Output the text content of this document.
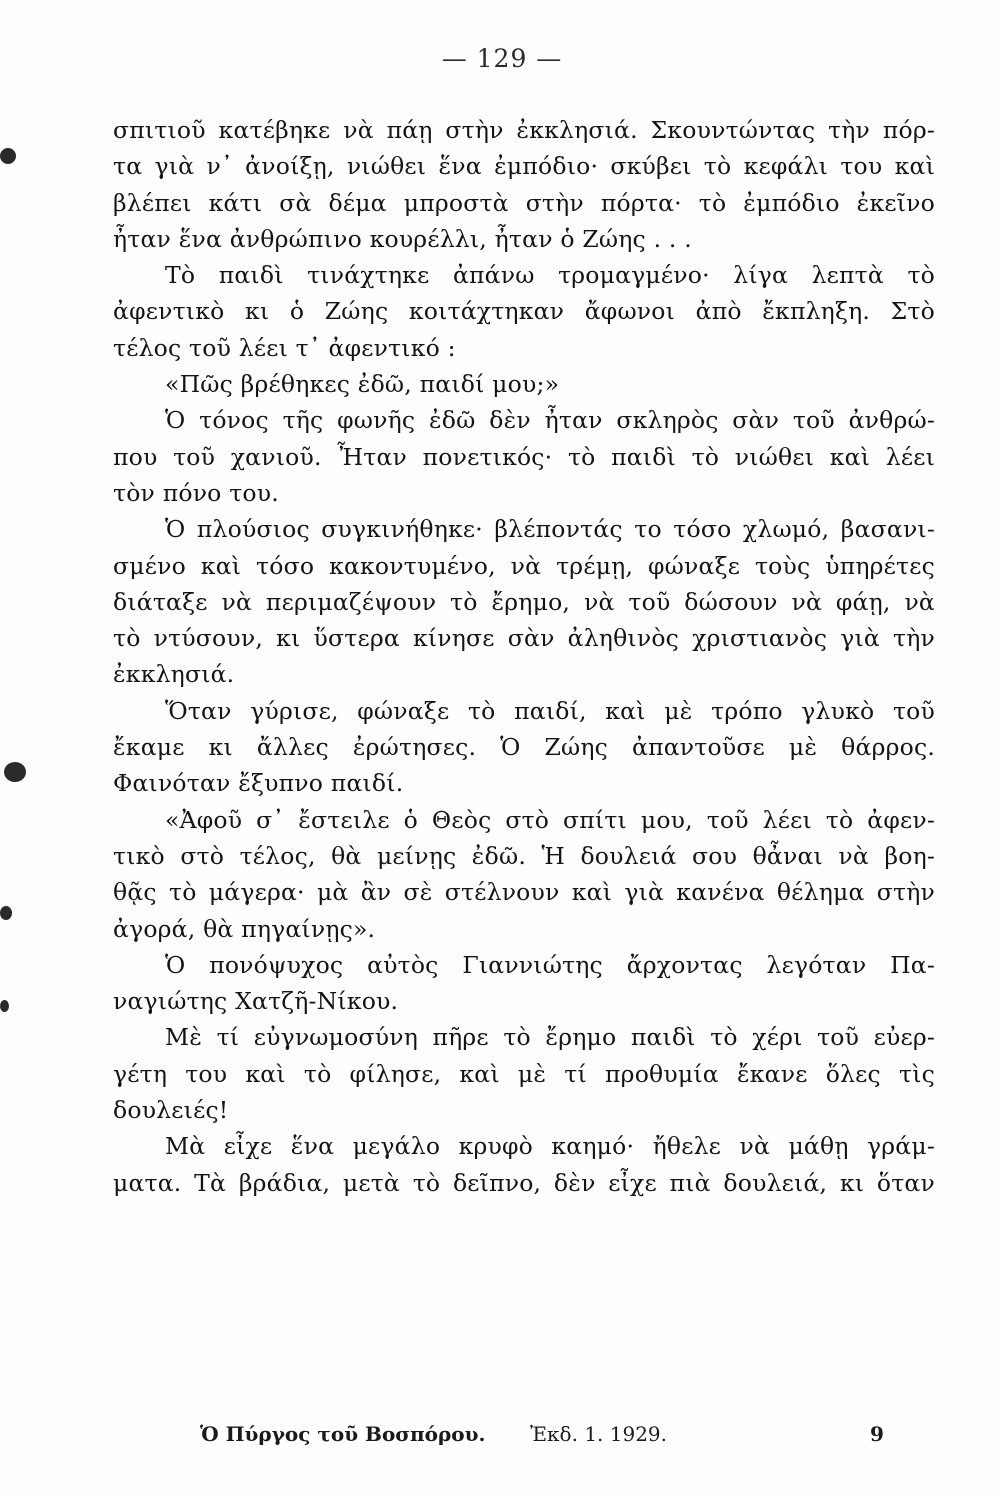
— 129 —
σπιτιοῦ κατέβηκε νὰ πάῃ στὴν ἐκκλησιά. Σκουντώντας τὴν πόρ-
τα γιὰ ν᾿ ἀνοίξῃ, νιώθει ἕνα ἐμπόδιο· σκύβει τὸ κεφάλι του καὶ
βλέπει κάτι σὰ δέμα μπροστὰ στὴν πόρτα· τὸ ἐμπόδιο ἐκεῖνο
ἦταν ἕνα ἀνθρώπινο κουρέλλι, ἦταν ὁ Ζώης . . .
Τὸ παιδὶ τινάχτηκε ἀπάνω τρομαγμένο· λίγα λεπτὰ τὸ
ἀφεντικὸ κι ὁ Ζώης κοιτάχτηκαν ἄφωνοι ἀπὸ ἔκπληξη. Στὸ
τέλος τοῦ λέει τ᾿ ἀφεντικό :
«Πῶς βρέθηκες ἐδῶ, παιδί μου;»
Ὁ τόνος τῆς φωνῆς ἐδῶ δὲν ἦταν σκληρὸς σὰν τοῦ ἀνθρώ-
που τοῦ χανιοῦ. Ἦταν πονετικός· τὸ παιδὶ τὸ νιώθει καὶ λέει
τὸν πόνο του.
Ὁ πλούσιος συγκινήθηκε· βλέποντάς το τόσο χλωμό, βασανι-
σμένο καὶ τόσο κακοντυμένο, νὰ τρέμῃ, φώναξε τοὺς ὑπηρέτες
διάταξε νὰ περιμαζέψουν τὸ ἔρημο, νὰ τοῦ δώσουν νὰ φάῃ, νὰ
τὸ ντύσουν, κι ὕστερα κίνησε σὰν ἀληθινὸς χριστιανὸς γιὰ τὴν
ἐκκλησιά.
Ὅταν γύρισε, φώναξε τὸ παιδί, καὶ μὲ τρόπο γλυκὸ τοῦ
ἔκαμε κι ἄλλες ἐρώτησες. Ὁ Ζώης ἀπαντοῦσε μὲ θάρρος.
Φαινόταν ἔξυπνο παιδί.
«Ἀφοῦ σ᾿ ἔστειλε ὁ Θεὸς στὸ σπίτι μου, τοῦ λέει τὸ ἀφεν-
τικὸ στὸ τέλος, θὰ μείνῃς ἐδῶ. Ἡ δουλειά σου θἆναι νὰ βοη-
θᾷς τὸ μάγερα· μὰ ἂν σὲ στέλνουν καὶ γιὰ κανένα θέλημα στὴν
ἀγορά, θὰ πηγαίνῃς».
Ὁ πονόψυχος αὐτὸς Γιαννιώτης ἄρχοντας λεγόταν Πα-
ναγιώτης Χατζῆ-Νίκου.
Μὲ τί εὐγνωμοσύνη πῆρε τὸ ἔρημο παιδὶ τὸ χέρι τοῦ εὐερ-
γέτη του καὶ τὸ φίλησε, καὶ μὲ τί προθυμία ἔκανε ὅλες τὶς
δουλειές!
Μὰ εἶχε ἕνα μεγάλο κρυφὸ καημό· ἤθελε νὰ μάθῃ γράμ-
ματα. Τὰ βράδια, μετὰ τὸ δεῖπνο, δὲν εἶχε πιὰ δουλειά, κι ὅταν
Ὁ Πύργος τοῦ Βοσπόρου. Ἐκδ. 1. 1929.	9
